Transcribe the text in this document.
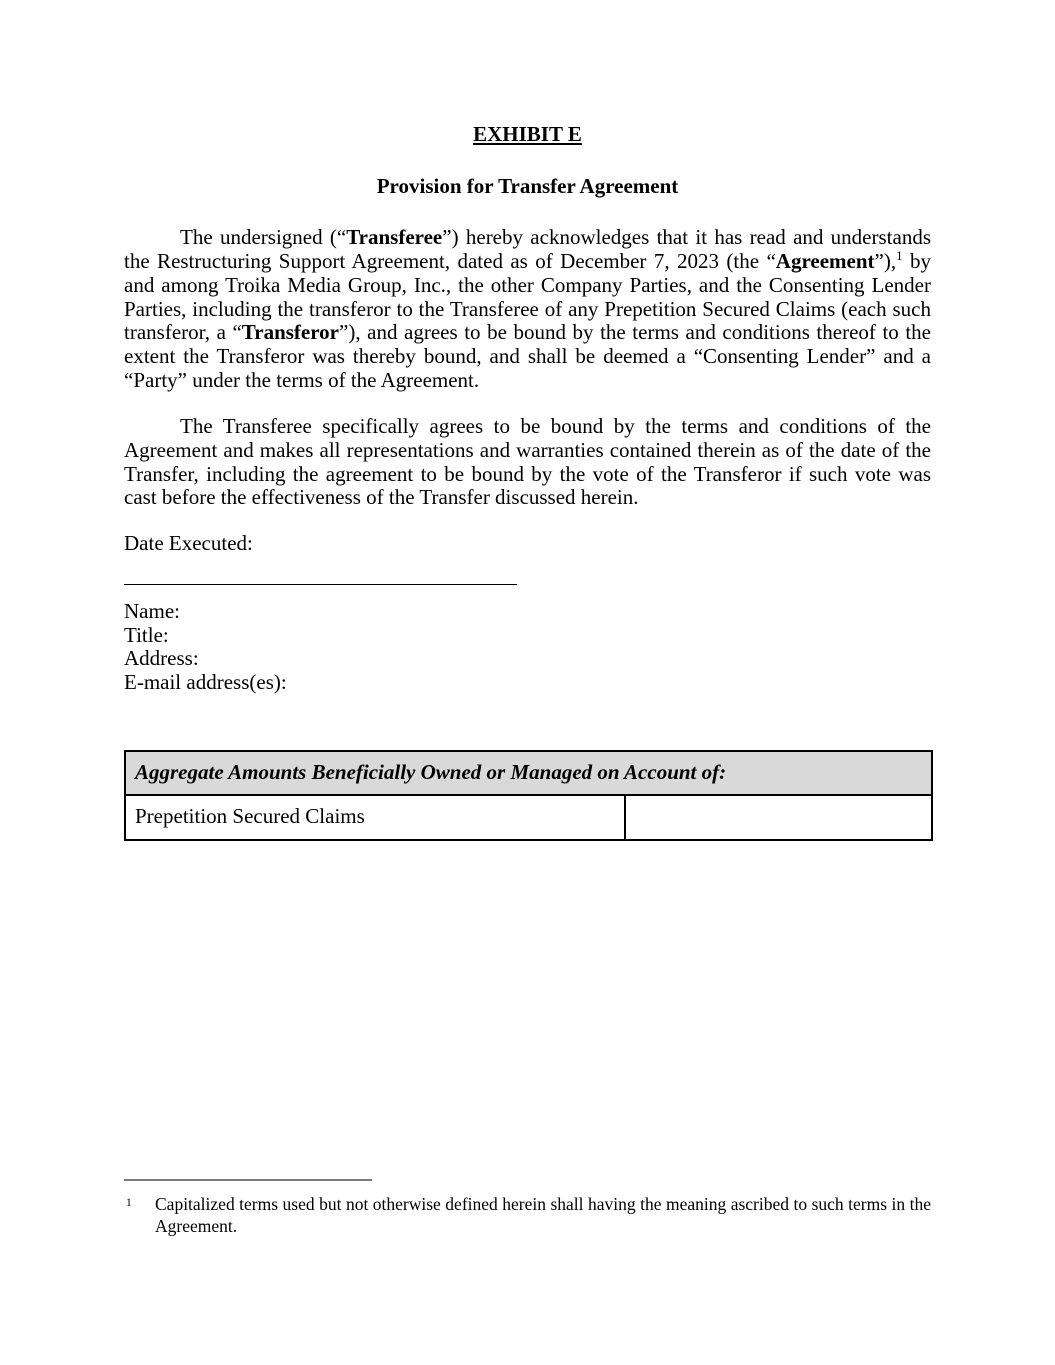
EXHIBIT E
Provision for Transfer Agreement

The undersigned (“Transferee”) hereby acknowledges that it has read and understands the Restructuring Support Agreement, dated as of December 7, 2023 (the “Agreement”),$^1$ by and among Troika Media Group, Inc., the other Company Parties, and the Consenting Lender Parties, including the transferor to the Transferee of any Prepetition Secured Claims (each such transferor, a “Transferor”), and agrees to be bound by the terms and conditions thereof to the extent the Transferor was thereby bound, and shall be deemed a “Consenting Lender” and a “Party” under the terms of the Agreement.

The Transferee specifically agrees to be bound by the terms and conditions of the Agreement and makes all representations and warranties contained therein as of the date of the Transfer, including the agreement to be bound by the vote of the Transferor if such vote was cast before the effectiveness of the Transfer discussed herein.

Date Executed:

Name:

Title:

Address:

E-mail address(es):

Aggregate Amounts Beneficially Owned or Managed on Account of:
Prepetition Secured Claims	
1 Capitalized terms used but not otherwise defined herein shall having the meaning ascribed to such terms in the Agreement.
